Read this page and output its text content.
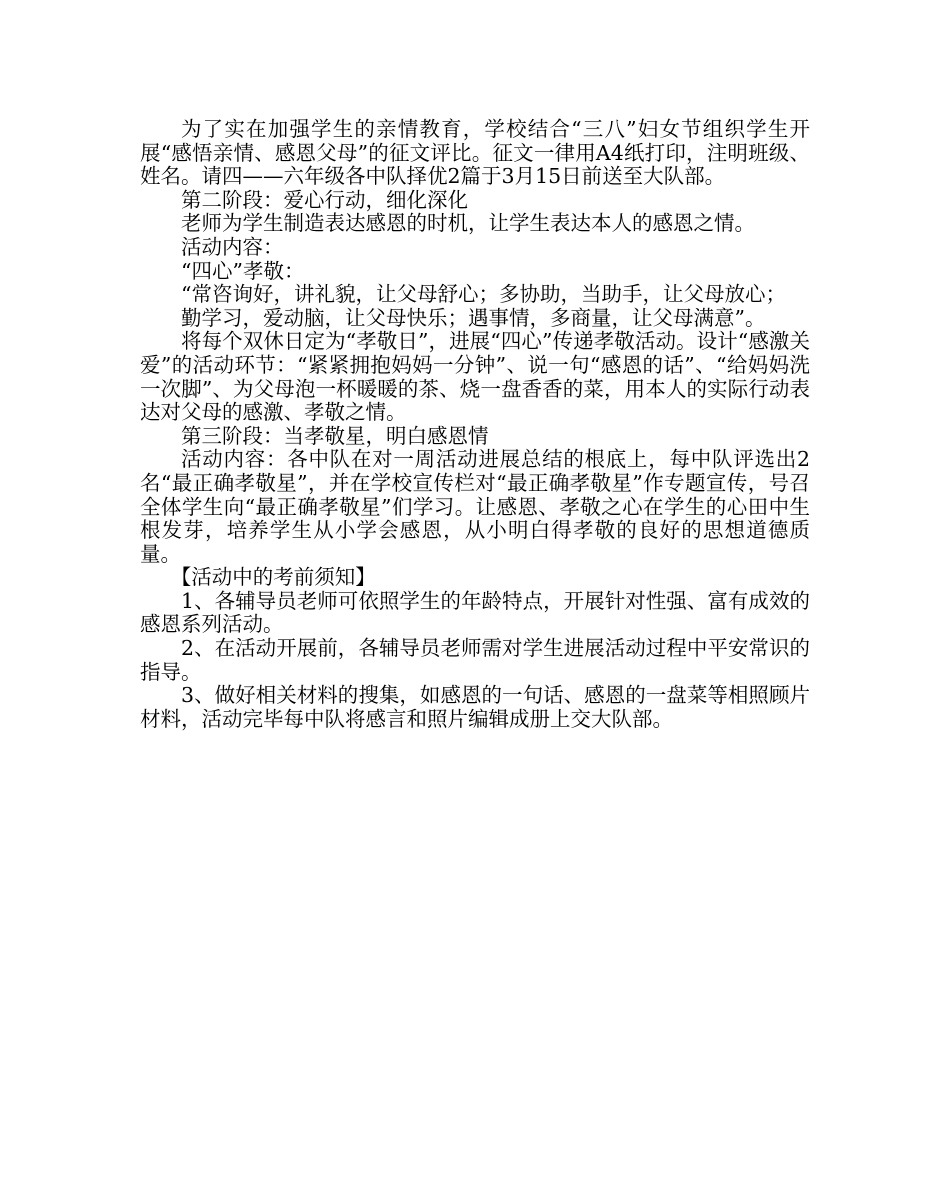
为了实在加强学生的亲情教育，学校结合“三八”妇女节组织学生开展“感悟亲情、感恩父母”的征文评比。征文一律用A4纸打印，注明班级、姓名。请四——六年级各中队择优2篇于3月15日前送至大队部。

第二阶段：爱心行动，细化深化

老师为学生制造表达感恩的时机，让学生表达本人的感恩之情。

活动内容：

“四心”孝敬：

“常咨询好，讲礼貌，让父母舒心；多协助，当助手，让父母放心；

勤学习，爱动脑，让父母快乐；遇事情，多商量，让父母满意”。

将每个双休日定为“孝敬日”，进展“四心”传递孝敬活动。设计“感激关爱”的活动环节：“紧紧拥抱妈妈一分钟”、说一句“感恩的话”、“给妈妈洗一次脚”、为父母泡一杯暖暖的茶、烧一盘香香的菜，用本人的实际行动表达对父母的感激、孝敬之情。

第三阶段：当孝敬星，明白感恩情

活动内容：各中队在对一周活动进展总结的根底上，每中队评选出2名“最正确孝敬星”，并在学校宣传栏对“最正确孝敬星”作专题宣传，号召全体学生向“最正确孝敬星”们学习。让感恩、孝敬之心在学生的心田中生根发芽，培养学生从小学会感恩，从小明白得孝敬的良好的思想道德质量。

【活动中的考前须知】

1、各辅导员老师可依照学生的年龄特点，开展针对性强、富有成效的感恩系列活动。

2、在活动开展前，各辅导员老师需对学生进展活动过程中平安常识的指导。

3、做好相关材料的搜集，如感恩的一句话、感恩的一盘菜等相照顾片材料，活动完毕每中队将感言和照片编辑成册上交大队部。
